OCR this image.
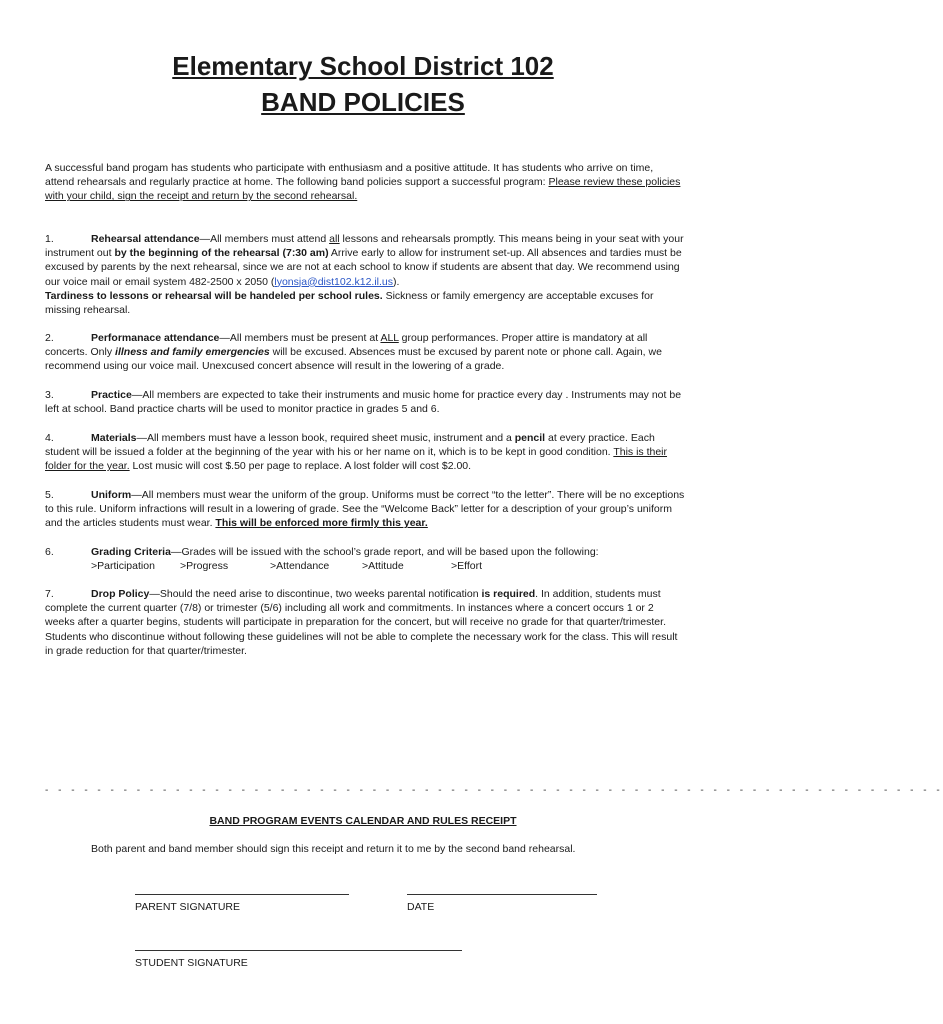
Elementary School District 102
BAND POLICIES
A successful band progam has students who participate with enthusiasm and a positive attitude. It has students who arrive on time, attend rehearsals and regularly practice at home. The following band policies support a successful program: Please review these policies with your child, sign the receipt and return by the second rehearsal.
1.	Rehearsal attendance—All members must attend all lessons and rehearsals promptly. This means being in your seat with your instrument out by the beginning of the rehearsal (7:30 am) Arrive early to allow for instrument set-up. All absences and tardies must be excused by parents by the next rehearsal, since we are not at each school to know if students are absent that day. We recommend using our voice mail or email system 482-2500 x 2050 (lyonsja@dist102.k12.il.us).
Tardiness to lessons or rehearsal will be handeled per school rules. Sickness or family emergency are acceptable excuses for missing rehearsal.
2.	Performanace attendance—All members must be present at ALL group performances. Proper attire is mandatory at all concerts. Only illness and family emergencies will be excused. Absences must be excused by parent note or phone call. Again, we recommend using our voice mail. Unexcused concert absence will result in the lowering of a grade.
3.	Practice—All members are expected to take their instruments and music home for practice every day . Instruments may not be left at school. Band practice charts will be used to monitor practice in grades 5 and 6.
4.	Materials—All members must have a lesson book, required sheet music, instrument and a pencil at every practice. Each student will be issued a folder at the beginning of the year with his or her name on it, which is to be kept in good condition. This is their folder for the year. Lost music will cost $.50 per page to replace. A lost folder will cost $2.00.
5.	Uniform—All members must wear the uniform of the group. Uniforms must be correct “to the letter”. There will be no exceptions to this rule. Uniform infractions will result in a lowering of grade. See the “Welcome Back” letter for a description of your group’s uniform and the articles students must wear. This will be enforced more firmly this year.
6.	Grading Criteria—Grades will be issued with the school’s grade report, and will be based upon the following:
>Participation >Progress	>Attendance	>Attitude	>Effort
7.	Drop Policy—Should the need arise to discontinue, two weeks parental notification is required. In addition, students must complete the current quarter (7/8) or trimester (5/6) including all work and commitments. In instances where a concert occurs 1 or 2 weeks after a quarter begins, students will participate in preparation for the concert, but will receive no grade for that quarter/trimester. Students who discontinue without following these guidelines will not be able to complete the necessary work for the class. This will result in grade reduction for that quarter/trimester.
- - - - - - - - - - - - - - - - - - - - - - - - - - - - - - - - - - - - - - - - - - - - - - - - - - - - - - - - - - - - - - - - - - - - -
BAND PROGRAM EVENTS CALENDAR AND RULES RECEIPT
Both parent and band member should sign this receipt and return it to me by the second band rehearsal.
PARENT SIGNATURE	DATE
STUDENT SIGNATURE
